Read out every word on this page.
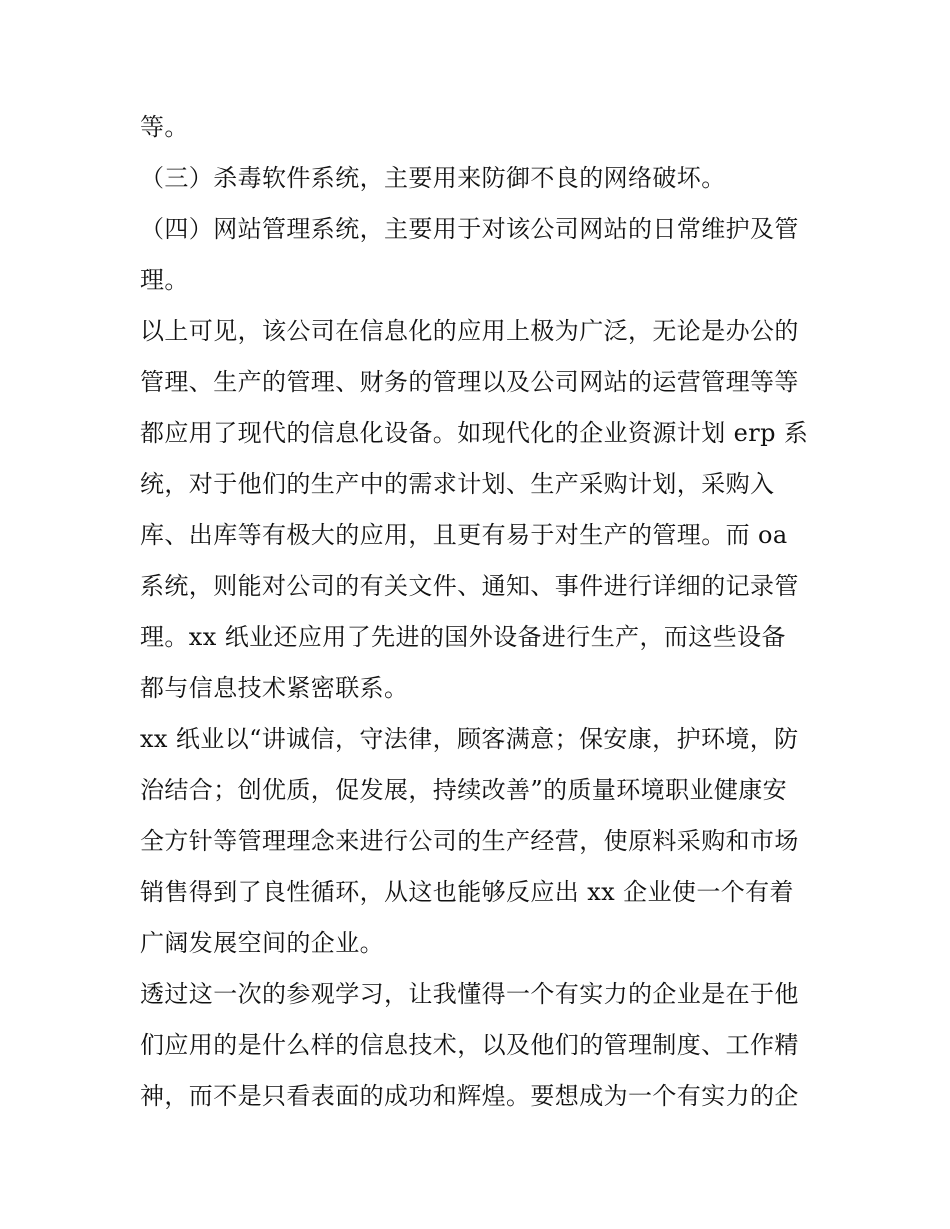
等。
（三）杀毒软件系统，主要用来防御不良的网络破坏。
（四）网站管理系统，主要用于对该公司网站的日常维护及管
理。
以上可见，该公司在信息化的应用上极为广泛，无论是办公的
管理、生产的管理、财务的管理以及公司网站的运营管理等等
都应用了现代的信息化设备。如现代化的企业资源计划 erp 系
统，对于他们的生产中的需求计划、生产采购计划，采购入
库、出库等有极大的应用，且更有易于对生产的管理。而 oa
系统，则能对公司的有关文件、通知、事件进行详细的记录管
理。xx 纸业还应用了先进的国外设备进行生产，而这些设备
都与信息技术紧密联系。
xx 纸业以“讲诚信，守法律，顾客满意；保安康，护环境，防
治结合；创优质，促发展，持续改善”的质量环境职业健康安
全方针等管理理念来进行公司的生产经营，使原料采购和市场
销售得到了良性循环，从这也能够反应出 xx 企业使一个有着
广阔发展空间的企业。
透过这一次的参观学习，让我懂得一个有实力的企业是在于他
们应用的是什么样的信息技术，以及他们的管理制度、工作精
神，而不是只看表面的成功和辉煌。要想成为一个有实力的企
